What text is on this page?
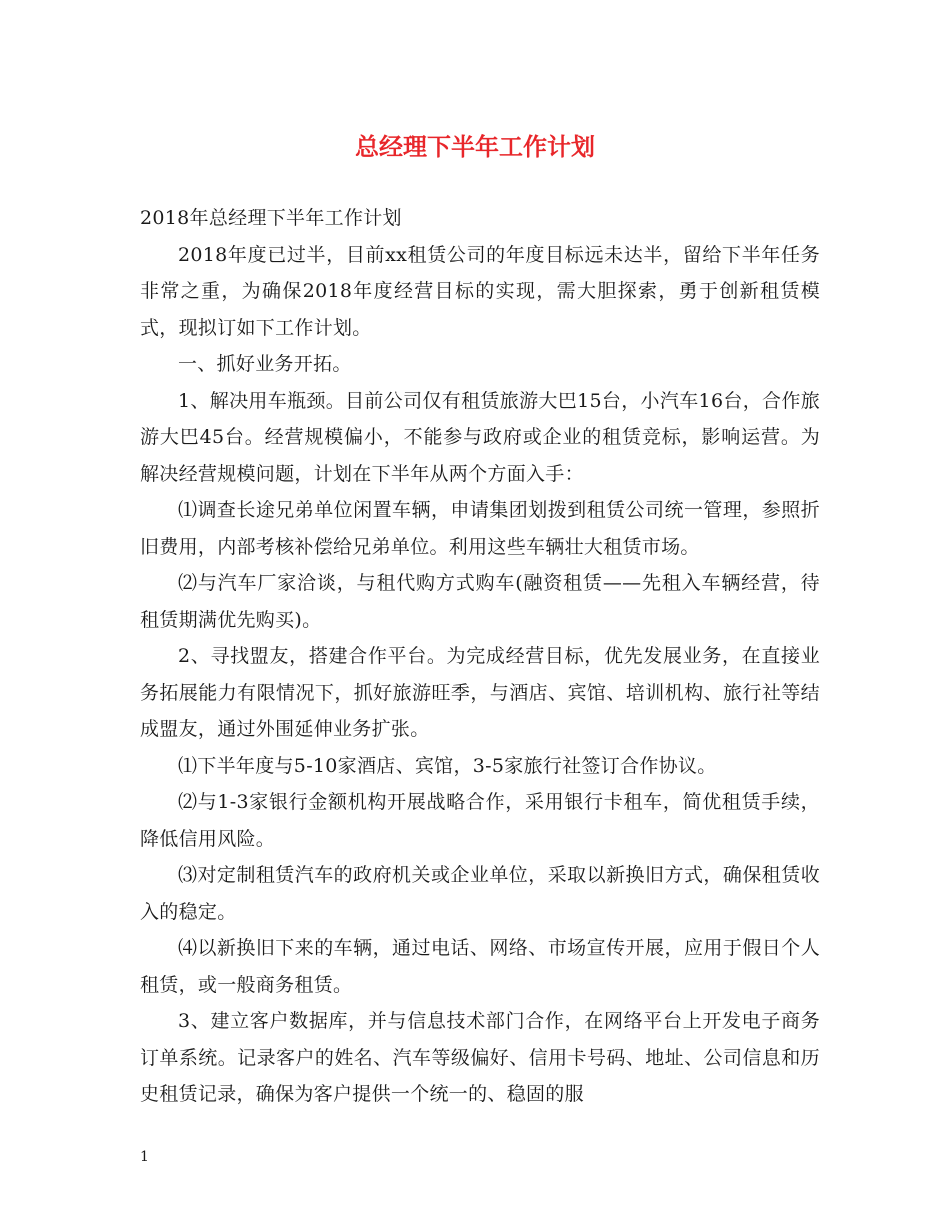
总经理下半年工作计划

2018年总经理下半年工作计划

2018年度已过半，目前xx租赁公司的年度目标远未达半，留给下半年任务非常之重，为确保2018年度经营目标的实现，需大胆探索，勇于创新租赁模式，现拟订如下工作计划。

一、抓好业务开拓。

1、解决用车瓶颈。目前公司仅有租赁旅游大巴15台，小汽车16台，合作旅游大巴45台。经营规模偏小，不能参与政府或企业的租赁竞标，影响运营。为解决经营规模问题，计划在下半年从两个方面入手：

⑴调查长途兄弟单位闲置车辆，申请集团划拨到租赁公司统一管理，参照折旧费用，内部考核补偿给兄弟单位。利用这些车辆壮大租赁市场。

⑵与汽车厂家洽谈，与租代购方式购车(融资租赁——先租入车辆经营，待租赁期满优先购买)。

2、寻找盟友，搭建合作平台。为完成经营目标，优先发展业务，在直接业务拓展能力有限情况下，抓好旅游旺季，与酒店、宾馆、培训机构、旅行社等结成盟友，通过外围延伸业务扩张。

⑴下半年度与5-10家酒店、宾馆，3-5家旅行社签订合作协议。

⑵与1-3家银行金额机构开展战略合作，采用银行卡租车，简优租赁手续，降低信用风险。

⑶对定制租赁汽车的政府机关或企业单位，采取以新换旧方式，确保租赁收入的稳定。

⑷以新换旧下来的车辆，通过电话、网络、市场宣传开展，应用于假日个人租赁，或一般商务租赁。

3、建立客户数据库，并与信息技术部门合作，在网络平台上开发电子商务订单系统。记录客户的姓名、汽车等级偏好、信用卡号码、地址、公司信息和历史租赁记录，确保为客户提供一个统一的、稳固的服

1
